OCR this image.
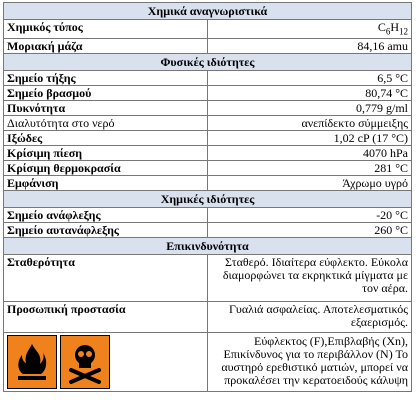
Χημικά αναγνωριστικά	
Χημικός τύπος	$C_6H_{12}$
Μοριακή μάζα	84,16 amu
Φυσικές ιδιότητες	
Σημείο τήξης	6,5 °C
Σημείο βρασμού	80,74 °C
Πυκνότητα	0,779 g/ml
Διαλυτότητα στο νερό	ανεπίδεκτο σύμμειξης
Ιξώδες	1,02 cP (17 °C)
Κρίσιμη πίεση	4070 hPa
Κρίσιμη θερμοκρασία	281 °C
Εμφάνιση	Άχρωμο υγρό
Χημικές ιδιότητες	
Σημείο ανάφλεξης	-20 °C
Σημείο αυτανάφλεξης	260 °C
Επικινδυνότητα	
Σταθερότητα	Σταθερό. Ιδιαίτερα εύφλεκτο. Εύκολα διαμορφώνει τα εκρηκτικά μίγματα με τον αέρα.
Προσωπική προστασία	Γυαλιά ασφαλείας. Αποτελεσματικός εξαερισμός.

	Εύφλεκτος (F),Επιβλαβής (Xn), Επικίνδυνος για το περιβάλλον (N) Το αυστηρό ερεθιστικό ματιών, μπορεί να προκαλέσει την κερατοειδούς κάλυψη
